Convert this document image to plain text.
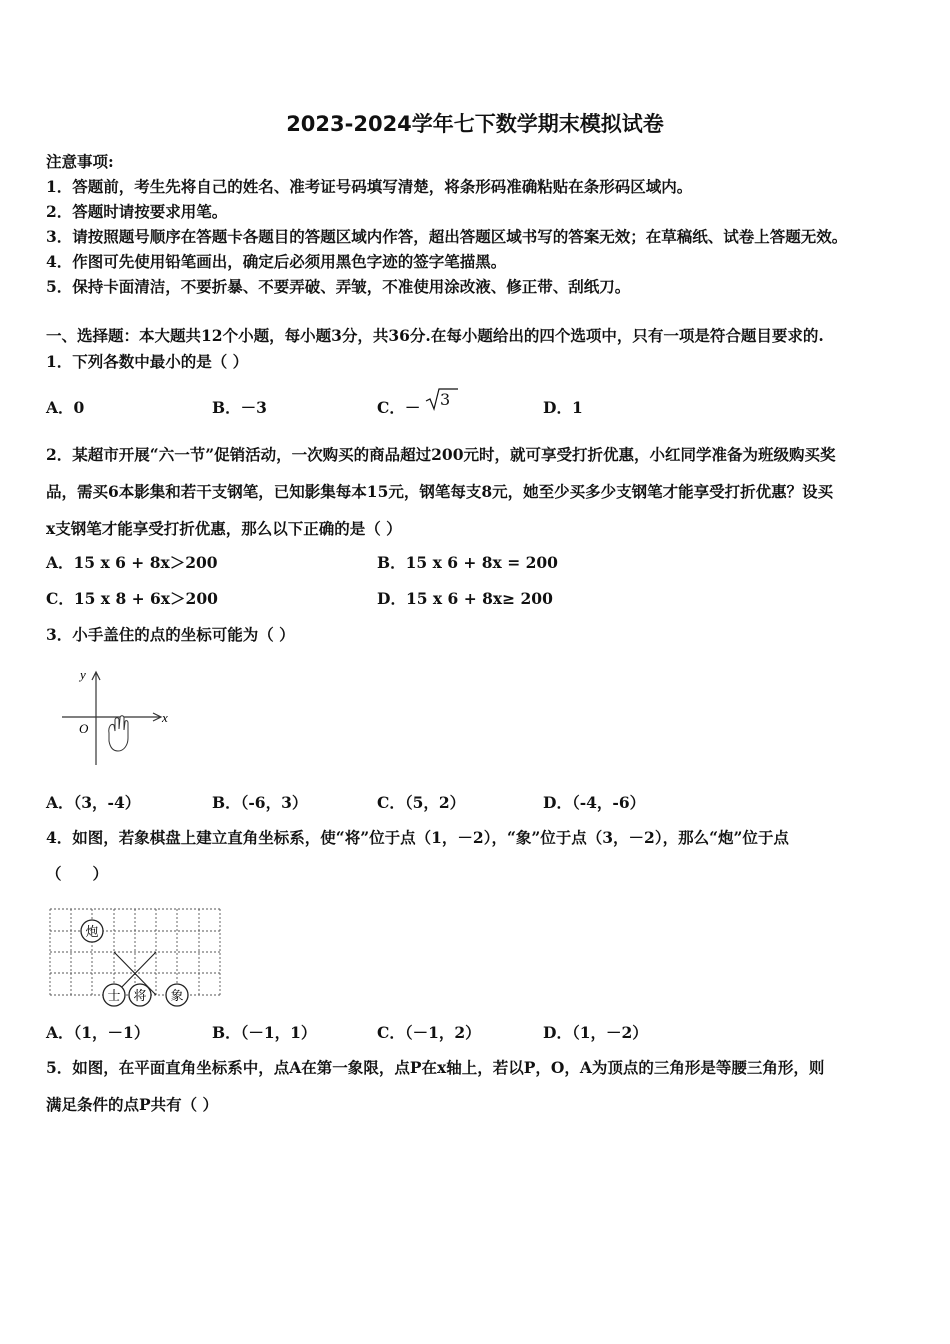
2023-2024学年七下数学期末模拟试卷
注意事项:
1．答题前，考生先将自己的姓名、准考证号码填写清楚，将条形码准确粘贴在条形码区域内。
2．答题时请按要求用笔。
3．请按照题号顺序在答题卡各题目的答题区域内作答，超出答题区域书写的答案无效；在草稿纸、试卷上答题无效。
4．作图可先使用铅笔画出，确定后必须用黑色字迹的签字笔描黑。
5．保持卡面清洁，不要折暴、不要弄破、弄皱，不准使用涂改液、修正带、刮纸刀。
一、选择题：本大题共12个小题，每小题3分，共36分.在每小题给出的四个选项中，只有一项是符合题目要求的.
1．下列各数中最小的是（ ）
A．0	B．－3	C．－ 3	D．1
2．某超市开展“六一节”促销活动，一次购买的商品超过200元时，就可享受打折优惠，小红同学准备为班级购买奖
品，需买6本影集和若干支钢笔，已知影集每本15元，钢笔每支8元，她至少买多少支钢笔才能享受打折优惠？设买
x支钢笔才能享受打折优惠，那么以下正确的是（ ）
A．15 x 6 + 8x＞200	B．15 x 6 + 8x = 200
C．15 x 8 + 6x＞200	D．15 x 6 + 8x≥ 200
3．小手盖住的点的坐标可能为（ ）
y
x
O
A．（3，-4）	B．（-6，3）	C．（5，2）	D．（-4，-6）
4．如图，若象棋盘上建立直角坐标系，使“将”位于点（1，－2），“象”位于点（3，－2），那么“炮”位于点
（　　）
炮
士 将 象
A．（1，－1）	B．（－1，1）	C．（－1，2）	D．（1，－2）
5．如图，在平面直角坐标系中，点A在第一象限，点P在x轴上，若以P，O，A为顶点的三角形是等腰三角形，则
满足条件的点P共有（ ）
